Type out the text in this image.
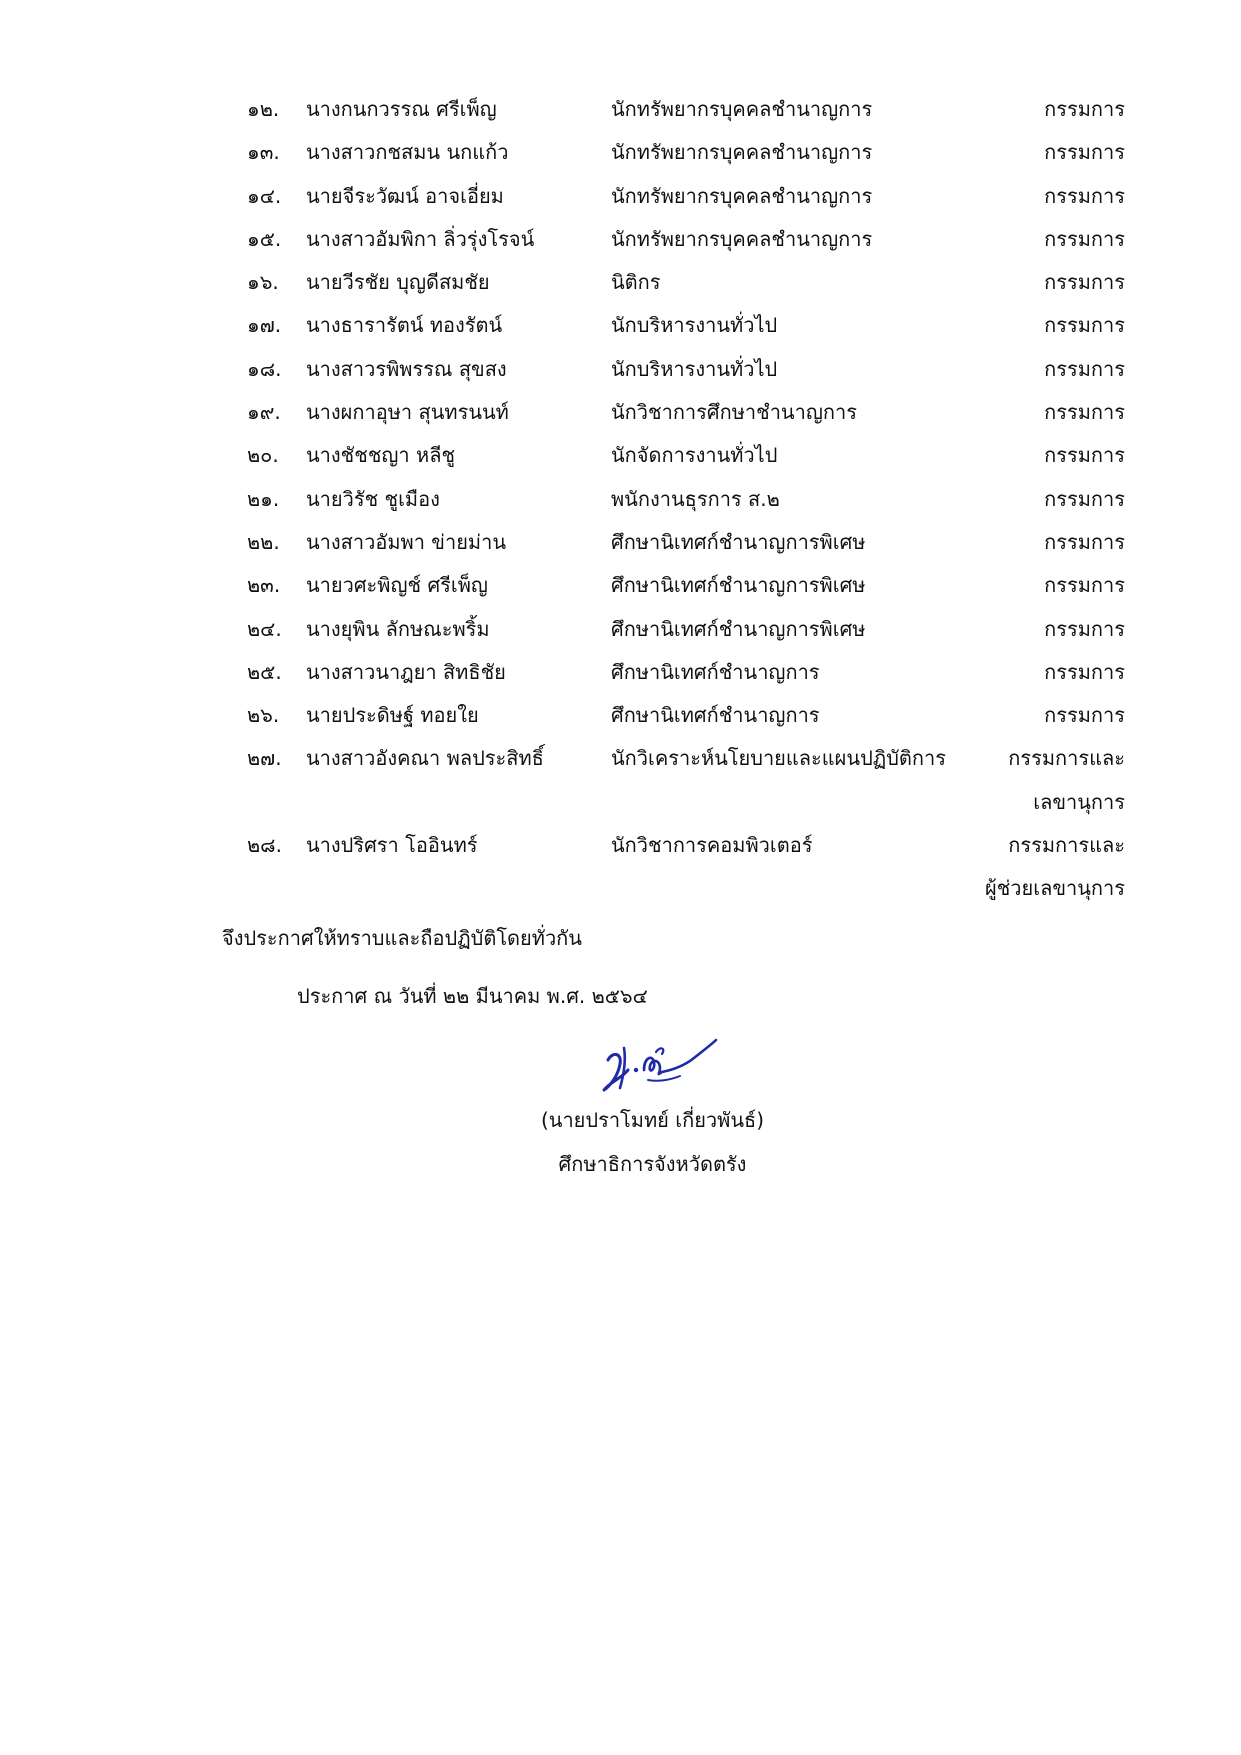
๑๒. นางกนกวรรณ ศรีเพ็ญ	นักทรัพยากรบุคคลชำนาญการ	กรรมการ
๑๓. นางสาวกชสมน นกแก้ว	นักทรัพยากรบุคคลชำนาญการ	กรรมการ
๑๔. นายจีระวัฒน์ อาจเอี่ยม	นักทรัพยากรบุคคลชำนาญการ	กรรมการ
๑๕. นางสาวอัมพิกา ลิ่วรุ่งโรจน์	นักทรัพยากรบุคคลชำนาญการ	กรรมการ
๑๖. นายวีรชัย บุญดีสมชัย	นิติกร	กรรมการ
๑๗. นางธารารัตน์ ทองรัตน์	นักบริหารงานทั่วไป	กรรมการ
๑๘. นางสาวรพิพรรณ สุขสง	นักบริหารงานทั่วไป	กรรมการ
๑๙. นางผกาอุษา สุนทรนนท์	นักวิชาการศึกษาชำนาญการ	กรรมการ
๒๐. นางชัชชญา หลีชู	นักจัดการงานทั่วไป	กรรมการ
๒๑. นายวิรัช ชูเมือง	พนักงานธุรการ ส.๒	กรรมการ
๒๒. นางสาวอัมพา ข่ายม่าน	ศึกษานิเทศก์ชำนาญการพิเศษ	กรรมการ
๒๓. นายวศะพิญช์ ศรีเพ็ญ	ศึกษานิเทศก์ชำนาญการพิเศษ	กรรมการ
๒๔. นางยุพิน ลักษณะพริ้ม	ศึกษานิเทศก์ชำนาญการพิเศษ	กรรมการ
๒๕. นางสาวนาฎยา สิทธิชัย	ศึกษานิเทศก์ชำนาญการ	กรรมการ
๒๖. นายประดิษฐ์ ทอยใย	ศึกษานิเทศก์ชำนาญการ	กรรมการ
๒๗. นางสาวอังคณา พลประสิทธิ์	นักวิเคราะห์นโยบายและแผนปฏิบัติการ	กรรมการและ
เลขานุการ
๒๘. นางปริศรา โออินทร์	นักวิชาการคอมพิวเตอร์	กรรมการและ
ผู้ช่วยเลขานุการ
จึงประกาศให้ทราบและถือปฏิบัติโดยทั่วกัน
ประกาศ ณ วันที่ ๒๒ มีนาคม พ.ศ. ๒๕๖๔
(นายปราโมทย์ เกี่ยวพันธ์)
ศึกษาธิการจังหวัดตรัง
